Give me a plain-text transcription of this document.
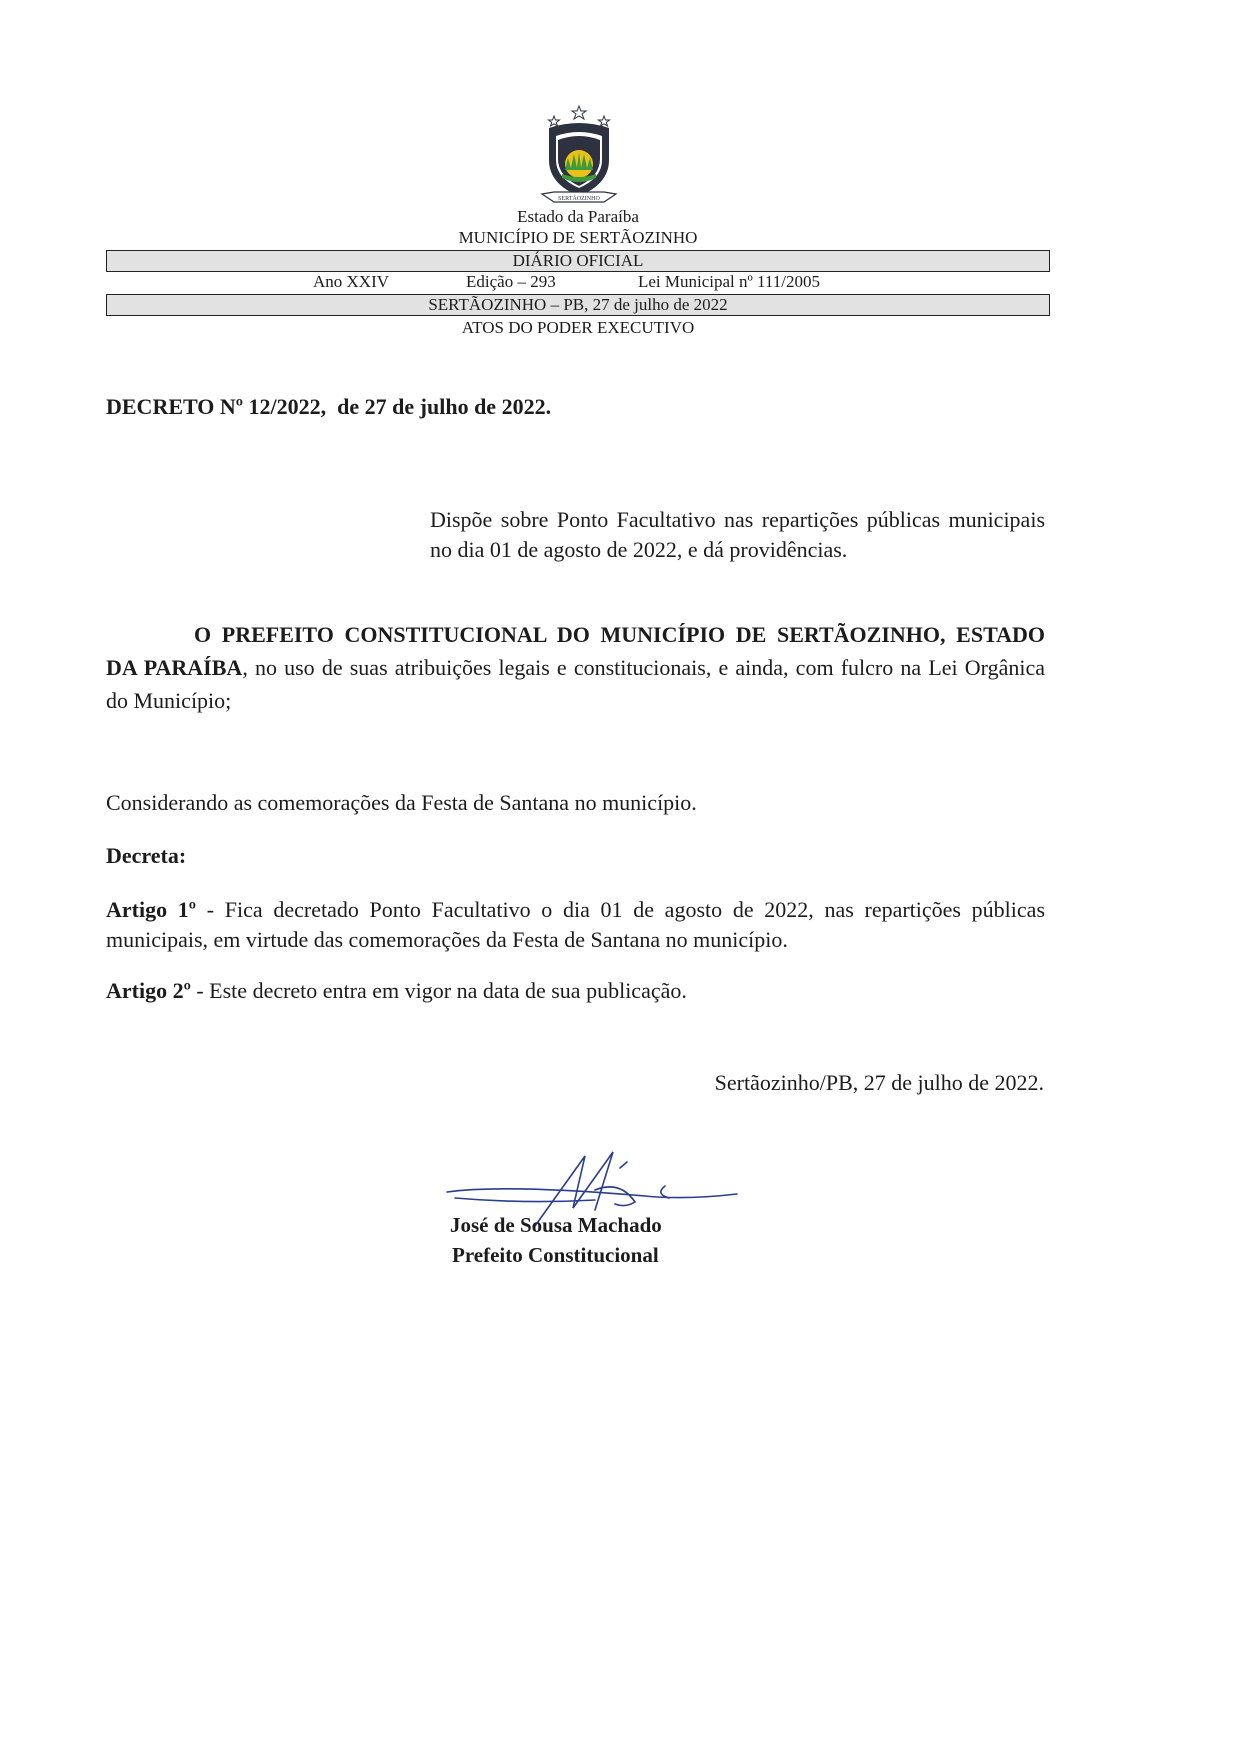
SERTÃOZINHO
Estado da Paraíba
MUNICÍPIO DE SERTÃOZINHO
DIÁRIO OFICIAL
Ano XXIV	Edição – 293	Lei Municipal nº 111/2005
SERTÃOZINHO – PB, 27 de julho de 2022
ATOS DO PODER EXECUTIVO
DECRETO Nº 12/2022,  de 27 de julho de 2022.
Dispõe sobre Ponto Facultativo nas repartições públicas municipais no dia 01 de agosto de 2022, e dá providências.
O PREFEITO CONSTITUCIONAL DO MUNICÍPIO DE SERTÃOZINHO, ESTADO DA PARAÍBA, no uso de suas atribuições legais e constitucionais, e ainda, com fulcro na Lei Orgânica do Município;
Considerando as comemorações da Festa de Santana no município.
Decreta:
Artigo 1º - Fica decretado Ponto Facultativo o dia 01 de agosto de 2022, nas repartições públicas municipais, em virtude das comemorações da Festa de Santana no município.
Artigo 2º - Este decreto entra em vigor na data de sua publicação.
Sertãozinho/PB, 27 de julho de 2022.
José de Sousa Machado
Prefeito Constitucional
